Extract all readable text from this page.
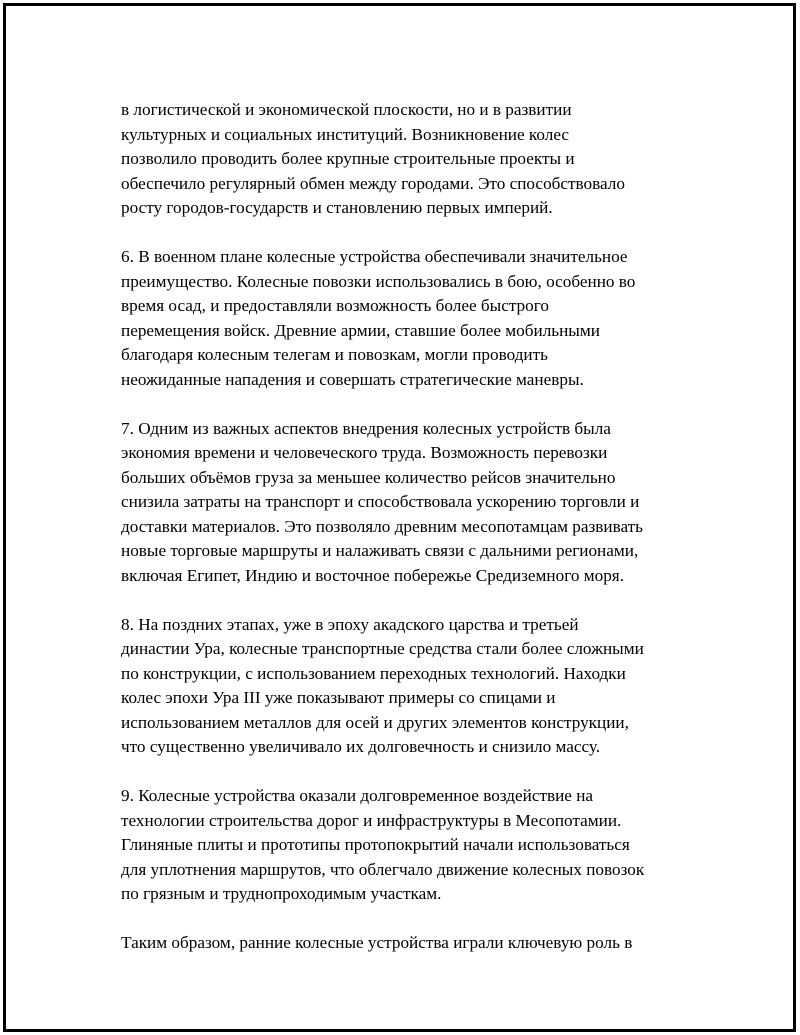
в логистической и экономической плоскости, но и в развитии
культурных и социальных институций. Возникновение колес
позволило проводить более крупные строительные проекты и
обеспечило регулярный обмен между городами. Это способствовало
росту городов-государств и становлению первых империй.

6. В военном плане колесные устройства обеспечивали значительное
преимущество. Колесные повозки использовались в бою, особенно во
время осад, и предоставляли возможность более быстрого
перемещения войск. Древние армии, ставшие более мобильными
благодаря колесным телегам и повозкам, могли проводить
неожиданные нападения и совершать стратегические маневры.

7. Одним из важных аспектов внедрения колесных устройств была
экономия времени и человеческого труда. Возможность перевозки
больших объёмов груза за меньшее количество рейсов значительно
снизила затраты на транспорт и способствовала ускорению торговли и
доставки материалов. Это позволяло древним месопотамцам развивать
новые торговые маршруты и налаживать связи с дальними регионами,
включая Египет, Индию и восточное побережье Средиземного моря.

8. На поздних этапах, уже в эпоху акадского царства и третьей
династии Ура, колесные транспортные средства стали более сложными
по конструкции, с использованием переходных технологий. Находки
колес эпохи Ура III уже показывают примеры со спицами и
использованием металлов для осей и других элементов конструкции,
что существенно увеличивало их долговечность и снизило массу.

9. Колесные устройства оказали долговременное воздействие на
технологии строительства дорог и инфраструктуры в Месопотамии.
Глиняные плиты и прототипы протопокрытий начали использоваться
для уплотнения маршрутов, что облегчало движение колесных повозок
по грязным и труднопроходимым участкам.

Таким образом, ранние колесные устройства играли ключевую роль в
